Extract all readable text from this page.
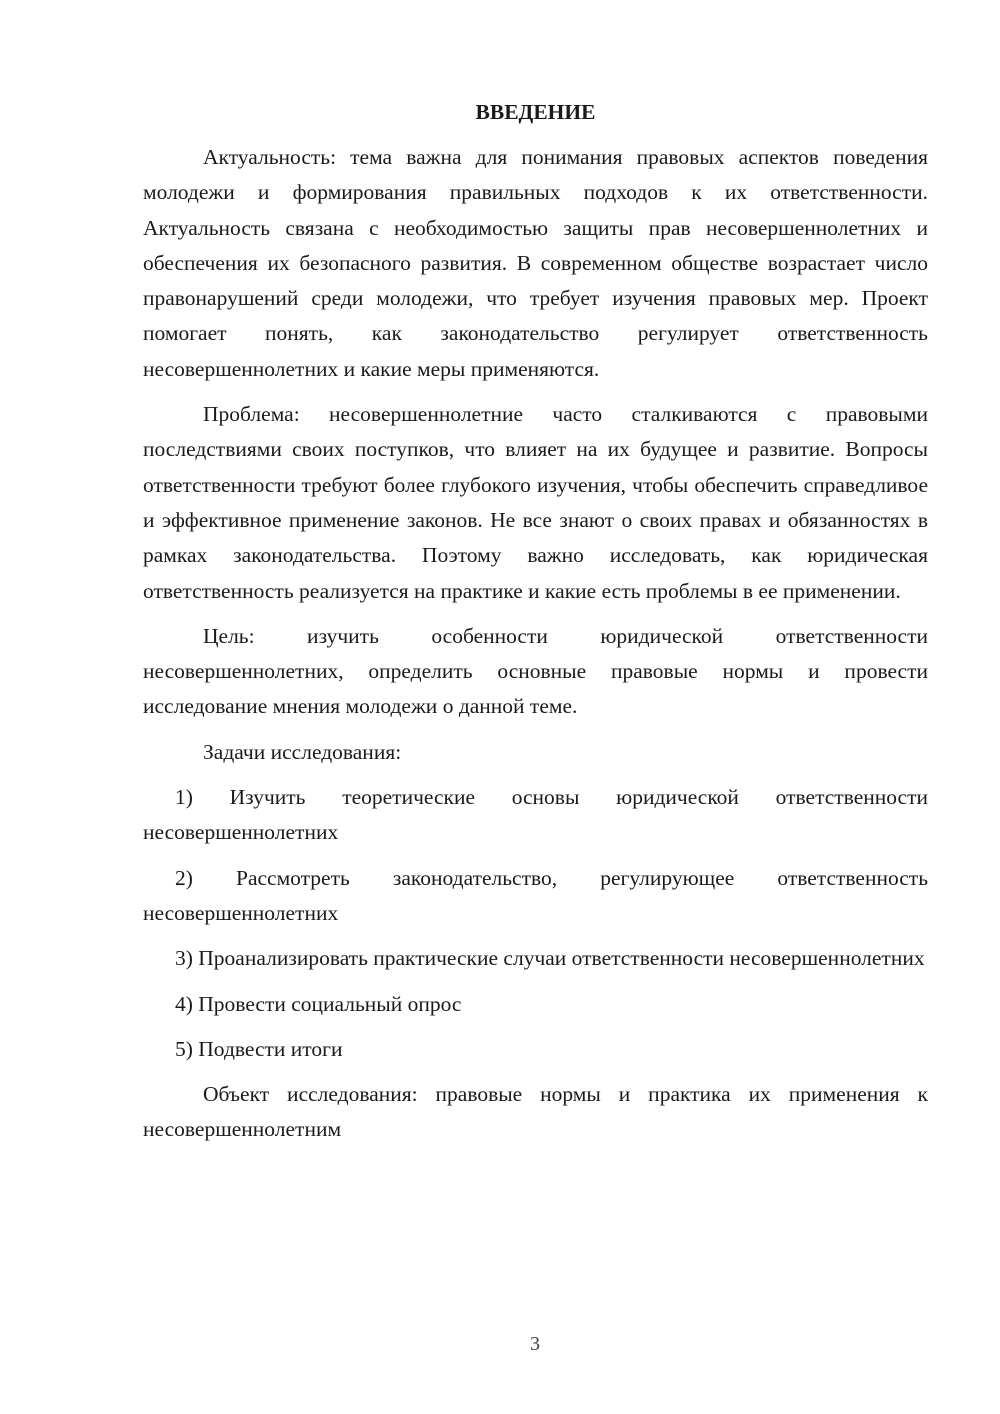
ВВЕДЕНИЕ

Актуальность: тема важна для понимания правовых аспектов поведения молодежи и формирования правильных подходов к их ответственности. Актуальность связана с необходимостью защиты прав несовершеннолетних и обеспечения их безопасного развития. В современном обществе возрастает число правонарушений среди молодежи, что требует изучения правовых мер. Проект помогает понять, как законодательство регулирует ответственность несовершеннолетних и какие меры применяются.

Проблема: несовершеннолетние часто сталкиваются с правовыми последствиями своих поступков, что влияет на их будущее и развитие. Вопросы ответственности требуют более глубокого изучения, чтобы обеспечить справедливое и эффективное применение законов. Не все знают о своих правах и обязанностях в рамках законодательства. Поэтому важно исследовать, как юридическая ответственность реализуется на практике и какие есть проблемы в ее применении.

Цель: изучить особенности юридической ответственности несовершеннолетних, определить основные правовые нормы и провести исследование мнения молодежи о данной теме.

Задачи исследования:

1) Изучить теоретические основы юридической ответственности несовершеннолетних

2) Рассмотреть законодательство, регулирующее ответственность несовершеннолетних

3) Проанализировать практические случаи ответственности несовершеннолетних

4) Провести социальный опрос

5) Подвести итоги

Объект исследования: правовые нормы и практика их применения к несовершеннолетним

3
